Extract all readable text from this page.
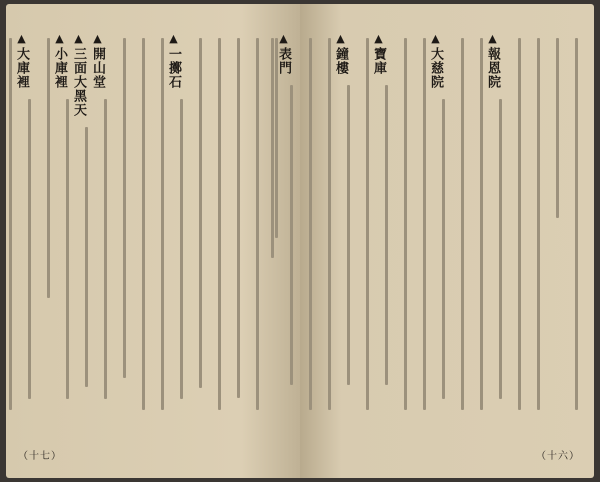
▲一擲石
▲開山堂
▲三面大黑天
▲小庫裡
▲大庫裡
（十七）
▲報恩院
▲大慈院
▲寶庫
▲鐘樓
▲表門
（十六）
